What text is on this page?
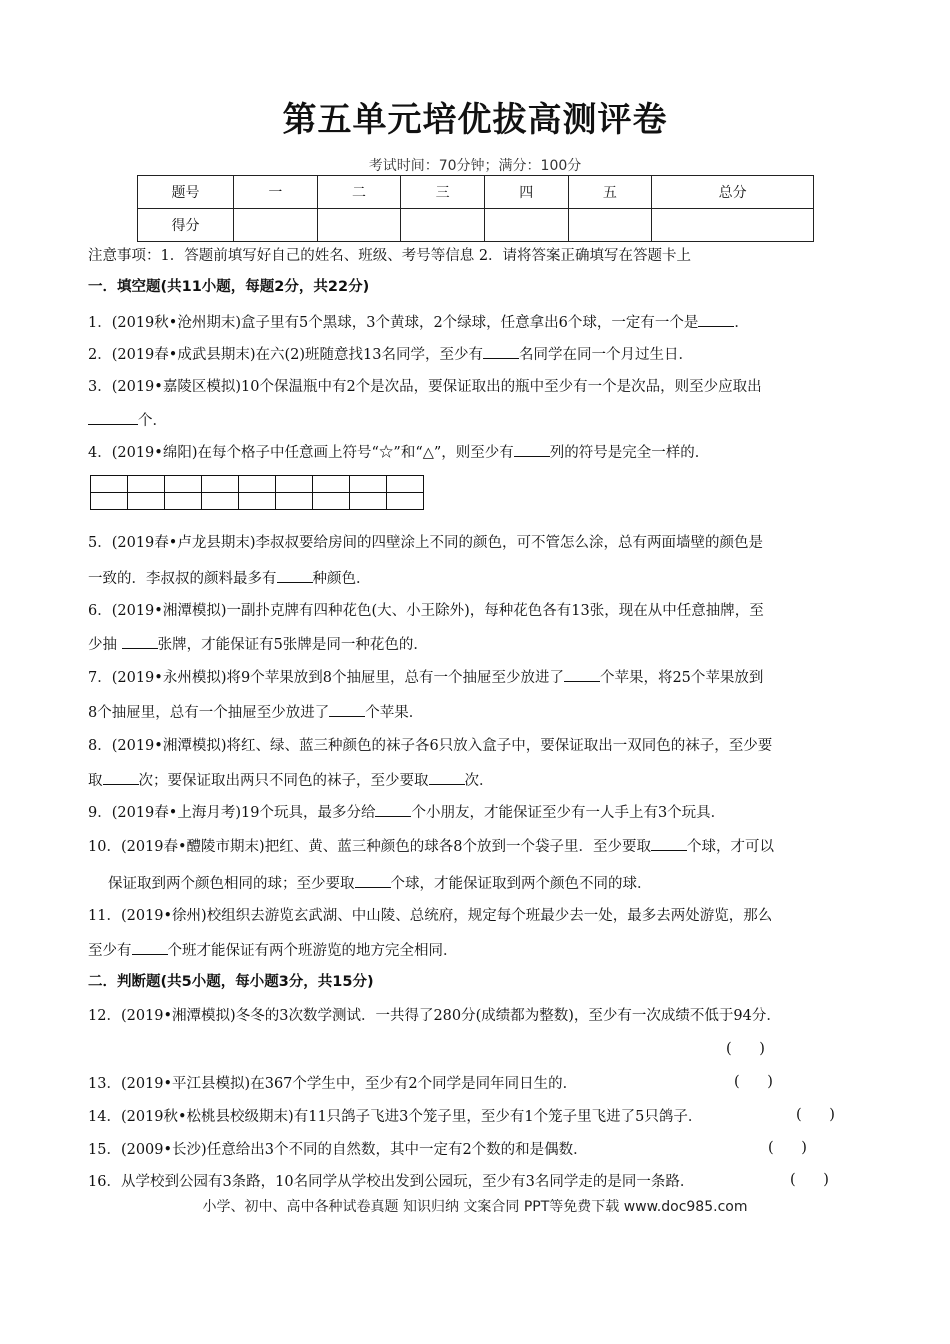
第五单元培优拔高测评卷
考试时间：70分钟；满分：100分
题号	一	二	三	四	五	总分
得分						
注意事项：1．答题前填写好自己的姓名、班级、考号等信息 2．请将答案正确填写在答题卡上
一．填空题(共11小题，每题2分，共22分)
1．(2019秋•沧州期末)盒子里有5个黑球，3个黄球，2个绿球，任意拿出6个球，一定有一个是 ．
2．(2019春•成武县期末)在六(2)班随意找13名同学，至少有 名同学在同一个月过生日．
3．(2019•嘉陵区模拟)10个保温瓶中有2个是次品，要保证取出的瓶中至少有一个是次品，则至少应取出
个．
4．(2019•绵阳)在每个格子中任意画上符号“☆”和“△”，则至少有 列的符号是完全一样的．

5．(2019春•卢龙县期末)李叔叔要给房间的四壁涂上不同的颜色，可不管怎么涂，总有两面墙壁的颜色是
一致的．李叔叔的颜料最多有 种颜色．
6．(2019•湘潭模拟)一副扑克牌有四种花色(大、小王除外)，每种花色各有13张，现在从中任意抽牌，至
少抽 张牌，才能保证有5张牌是同一种花色的．
7．(2019•永州模拟)将9个苹果放到8个抽屉里，总有一个抽屉至少放进了 个苹果，将25个苹果放到
8个抽屉里，总有一个抽屉至少放进了 个苹果．
8．(2019•湘潭模拟)将红、绿、蓝三种颜色的袜子各6只放入盒子中，要保证取出一双同色的袜子，至少要
取 次；要保证取出两只不同色的袜子，至少要取 次．
9．(2019春•上海月考)19个玩具，最多分给 个小朋友，才能保证至少有一人手上有3个玩具．
10．(2019春•醴陵市期末)把红、黄、蓝三种颜色的球各8个放到一个袋子里．至少要取 个球，才可以
保证取到两个颜色相同的球；至少要取 个球，才能保证取到两个颜色不同的球．
11．(2019•徐州)校组织去游览玄武湖、中山陵、总统府，规定每个班最少去一处，最多去两处游览，那么
至少有 个班才能保证有两个班游览的地方完全相同．
二．判断题(共5小题，每小题3分，共15分)
12．(2019•湘潭模拟)冬冬的3次数学测试．一共得了280分(成绩都为整数)，至少有一次成绩不低于94分．
(      )
13．(2019•平江县模拟)在367个学生中，至少有2个同学是同年同日生的．	(      )
14．(2019秋•松桃县校级期末)有11只鸽子飞进3个笼子里，至少有1个笼子里飞进了5只鸽子．	(      )
15．(2009•长沙)任意给出3个不同的自然数，其中一定有2个数的和是偶数．	(      )
16．从学校到公园有3条路，10名同学从学校出发到公园玩，至少有3名同学走的是同一条路．	(      )
小学、初中、高中各种试卷真题 知识归纳 文案合同 PPT等免费下载 www.doc985.com
